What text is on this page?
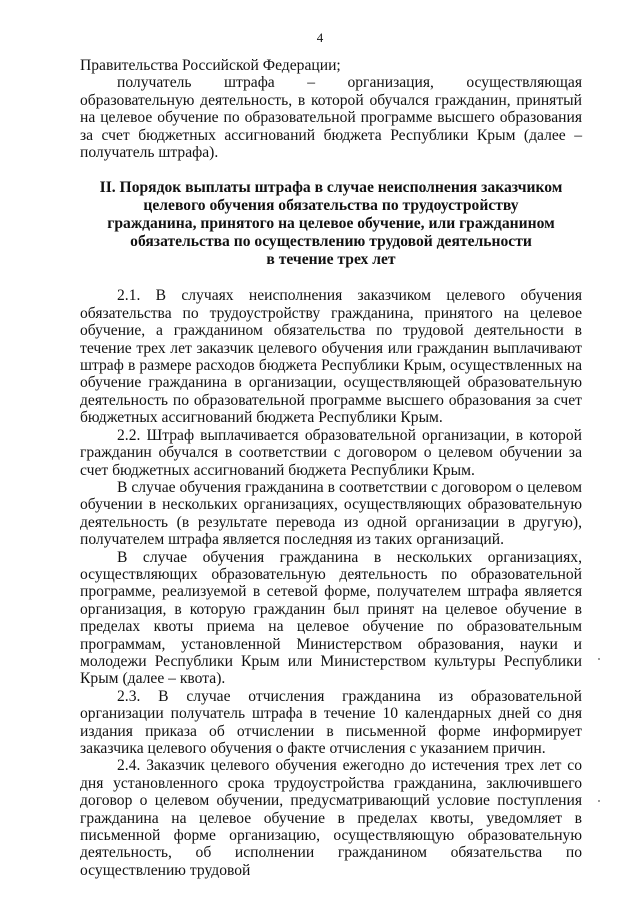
4

Правительства Российской Федерации;

получатель штрафа – организация, осуществляющая образовательную деятельность, в которой обучался гражданин, принятый на целевое обучение по образовательной программе высшего образования за счет бюджетных ассигнований бюджета Республики Крым (далее – получатель штрафа).

II. Порядок выплаты штрафа в случае неисполнения заказчиком
целевого обучения обязательства по трудоустройству
гражданина, принятого на целевое обучение, или гражданином
обязательства по осуществлению трудовой деятельности
в течение трех лет

2.1. В случаях неисполнения заказчиком целевого обучения обязательства по трудоустройству гражданина, принятого на целевое обучение, а гражданином обязательства по трудовой деятельности в течение трех лет заказчик целевого обучения или гражданин выплачивают штраф в размере расходов бюджета Республики Крым, осуществленных на обучение гражданина в организации, осуществляющей образовательную деятельность по образовательной программе высшего образования за счет бюджетных ассигнований бюджета Республики Крым.

2.2. Штраф выплачивается образовательной организации, в которой гражданин обучался в соответствии с договором о целевом обучении за счет бюджетных ассигнований бюджета Республики Крым.

В случае обучения гражданина в соответствии с договором о целевом обучении в нескольких организациях, осуществляющих образовательную деятельность (в результате перевода из одной организации в другую), получателем штрафа является последняя из таких организаций.

В случае обучения гражданина в нескольких организациях, осуществляющих образовательную деятельность по образовательной программе, реализуемой в сетевой форме, получателем штрафа является организация, в которую гражданин был принят на целевое обучение в пределах квоты приема на целевое обучение по образовательным программам, установленной Министерством образования, науки и молодежи Республики Крым или Министерством культуры Республики Крым (далее – квота).

2.3. В случае отчисления гражданина из образовательной организации получатель штрафа в течение 10 календарных дней со дня издания приказа об отчислении в письменной форме информирует заказчика целевого обучения о факте отчисления с указанием причин.

2.4. Заказчик целевого обучения ежегодно до истечения трех лет со дня установленного срока трудоустройства гражданина, заключившего договор о целевом обучении, предусматривающий условие поступления гражданина на целевое обучение в пределах квоты, уведомляет в письменной форме организацию, осуществляющую образовательную деятельность, об исполнении гражданином обязательства по осуществлению трудовой
